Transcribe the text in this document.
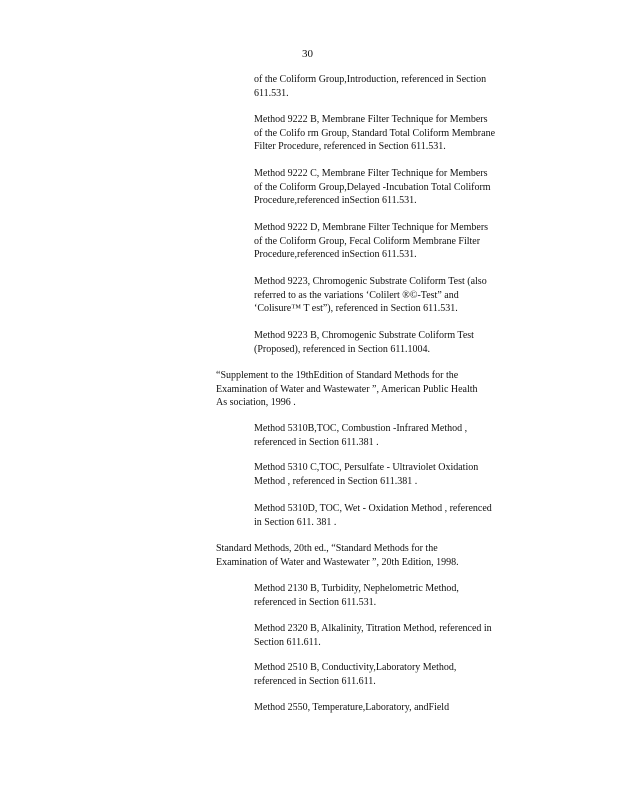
30
of the Coliform Group,Introduction, referenced in Section
611.531.
Method 9222 B, Membrane Filter Technique for Members
of the Colifo rm Group, Standard Total Coliform Membrane
Filter Procedure, referenced in Section 611.531.
Method 9222 C, Membrane Filter Technique for Members
of the Coliform Group,Delayed -Incubation Total Coliform
Procedure,referenced inSection 611.531.
Method 9222 D, Membrane Filter Technique for Members
of the Coliform Group, Fecal Coliform Membrane Filter
Procedure,referenced inSection 611.531.
Method 9223, Chromogenic Substrate Coliform Test (also
referred to as the variations ‘Colilert ®©-Test” and
‘Colisure™ T est”), referenced in Section 611.531.
Method 9223 B, Chromogenic Substrate Coliform Test
(Proposed), referenced in Section 611.1004.
“Supplement to the 19thEdition of Standard Methods for the
Examination of Water and Wastewater ”, American Public Health
As sociation, 1996 .
Method 5310B,TOC, Combustion -Infrared Method ,
referenced in Section 611.381 .
Method 5310 C,TOC, Persulfate - Ultraviolet Oxidation
Method , referenced in Section 611.381 .
Method 5310D, TOC, Wet - Oxidation Method , referenced
in Section 611. 381 .
Standard Methods, 20th ed., “Standard Methods for the
Examination of Water and Wastewater ”, 20th Edition, 1998.
Method 2130 B, Turbidity, Nephelometric Method,
referenced in Section 611.531.
Method 2320 B, Alkalinity, Titration Method, referenced in
Section 611.611.
Method 2510 B, Conductivity,Laboratory Method,
referenced in Section 611.611.
Method 2550, Temperature,Laboratory, andField
